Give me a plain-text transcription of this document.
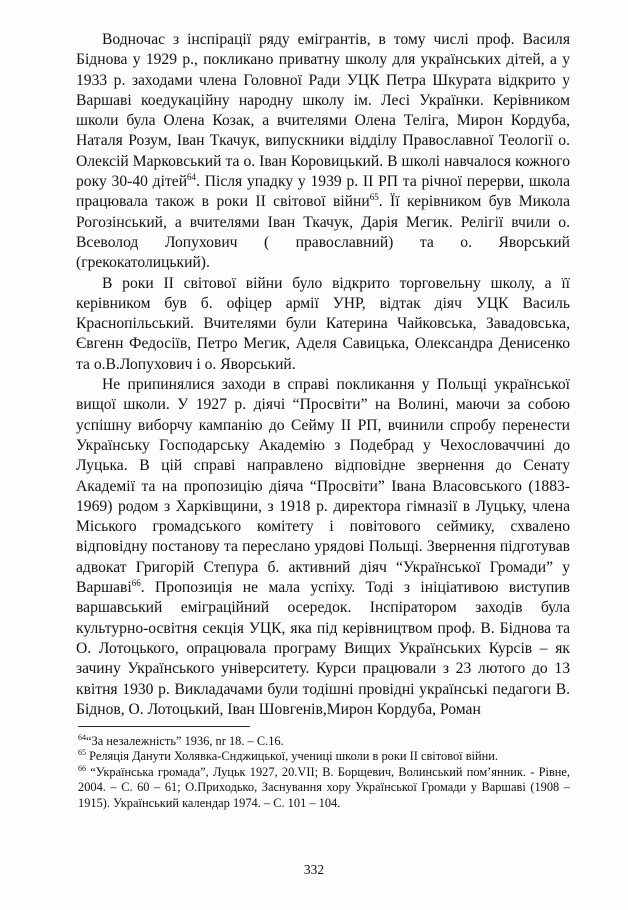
Водночас з інспірації ряду емігрантів, в тому числі проф. Василя Біднова у 1929 р., покликано приватну школу для українських дітей, а у 1933 р. заходами члена Головної Ради УЦК Петра Шкурата відкрито у Варшаві коедукаційну народну школу ім. Лесі Українки. Керівником школи була Олена Козак, а вчителями Олена Теліга, Мирон Кордуба, Наталя Розум, Іван Ткачук, випускники відділу Православної Теології о. Олексій Марковський та о. Іван Коровицький. В школі навчалося кожного року 30-40 дітей$^{64}$. Після упадку у 1939 р. ІІ РП та річної перерви, школа працювала також в роки ІІ світової війни$^{65}$. Її керівником був Микола Рогозінський, а вчителями Іван Ткачук, Дарія Мегик. Релігії вчили о. Всеволод Лопухович ( православний) та о. Яворський (грекокатолицький).

В роки ІІ світової війни було відкрито торговельну школу, а її керівником був б. офіцер армії УНР, відтак діяч УЦК Василь Краснопільський. Вчителями були Катерина Чайковська, Завадовська, Євгенн Федосіїв, Петро Мегик, Аделя Савицька, Олександра Денисенко та о.В.Лопухович і о. Яворський.

Не припинялися заходи в справі покликання у Польщі української вищої школи. У 1927 р. діячі “Просвіти” на Волині, маючи за собою успішну виборчу кампанію до Сейму ІІ РП, вчинили спробу перенести Українську Господарську Академію з Подебрад у Чехословаччині до Луцька. В цій справі направлено відповідне звернення до Сенату Академії та на пропозицію діяча “Просвіти” Івана Власовського (1883-1969) родом з Харківщини, з 1918 р. директора гімназії в Луцьку, члена Міського громадського комітету і повітового сеймику, схвалено відповідну постанову та переслано урядові Польщі. Звернення підготував адвокат Григорій Степура б. активний діяч “Української Громади” у Варшаві$^{66}$. Пропозиція не мала успіху. Тоді з ініціативою виступив варшавський еміграційний осередок. Інспіратором заходів була культурно-освітня секція УЦК, яка під керівництвом проф. В. Біднова та О. Лотоцького, опрацювала програму Вищих Українських Курсів – як зачину Українського університету. Курси працювали з 23 лютого до 13 квітня 1930 р. Викладачами були тодішні провідні українські педагоги В. Біднов, О. Лотоцький, Іван Шовгенів,Мирон Кордуба, Роман

$^{64}$“За незалежність” 1936, nr 18. – С.16.

$^{65}$ Реляція Данути Холявка-Снджицької, учениці школи в роки ІІ світової війни.

$^{66}$ “Українська громада”, Луцьк 1927, 20.VII; В. Борщевич, Волинський пом’янник. - Рівне, 2004. – С. 60 – 61; О.Приходько, Заснування хору Української Громади у Варшаві (1908 – 1915). Український календар 1974. – С. 101 – 104.

332
